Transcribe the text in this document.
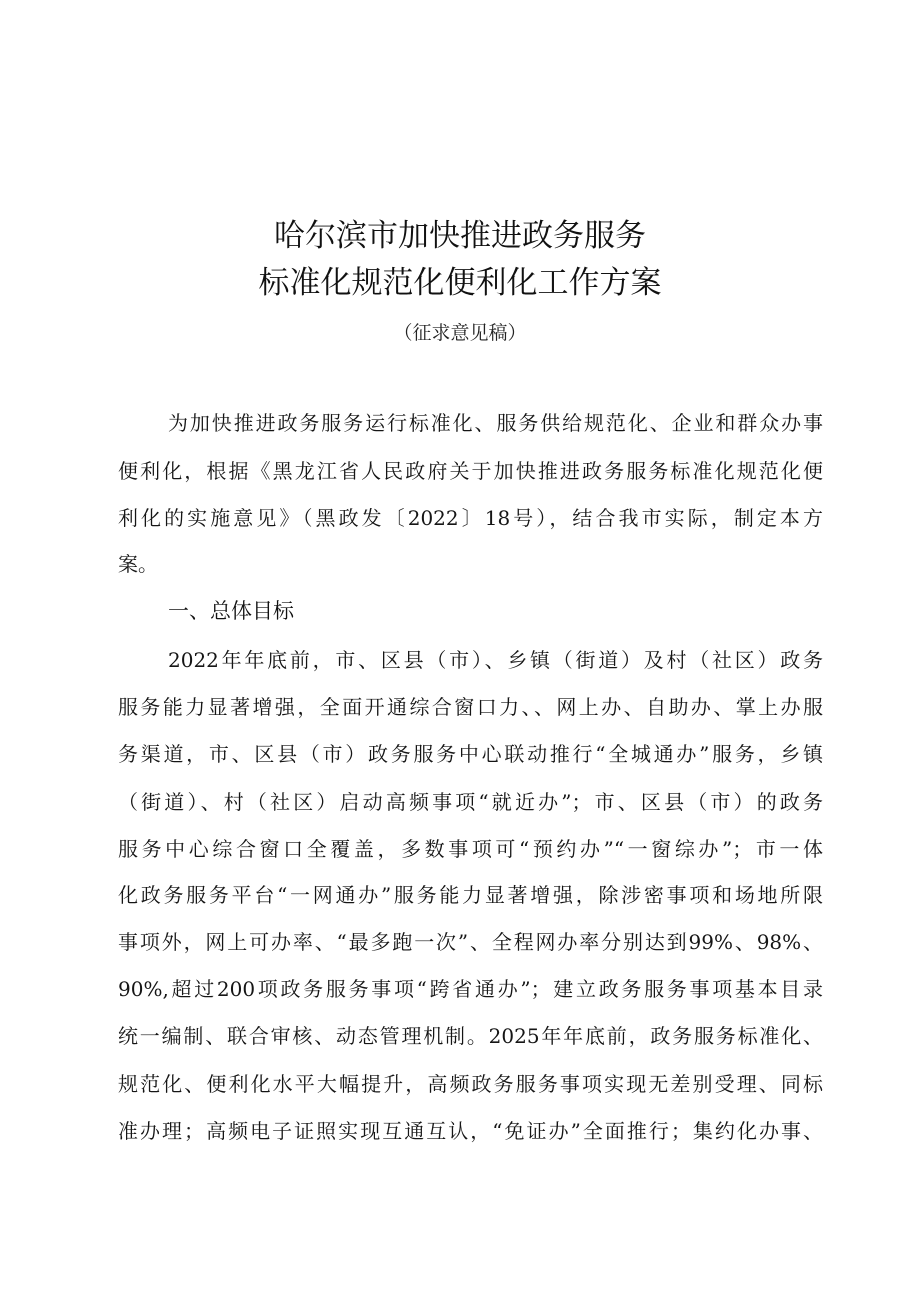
哈尔滨市加快推进政务服务
标准化规范化便利化工作方案
（征求意见稿）
为加快推进政务服务运行标准化、服务供给规范化、企业和群众办事
便利化，根据《黑龙江省人民政府关于加快推进政务服务标准化规范化便
利化的实施意见》（黑政发〔2022〕18号），结合我市实际，制定本方
案。
一、总体目标
2022年年底前，市、区县（市）、乡镇（街道）及村（社区）政务
服务能力显著增强，全面开通综合窗口力、、网上办、自助办、掌上办服
务渠道，市、区县（市）政务服务中心联动推行“全城通办”服务，乡镇
（街道）、村（社区）启动高频事项“就近办”；市、区县（市）的政务
服务中心综合窗口全覆盖，多数事项可“预约办”“一窗综办”；市一体
化政务服务平台“一网通办”服务能力显著增强，除涉密事项和场地所限
事项外，网上可办率、“最多跑一次”、全程网办率分别达到99%、98%、
90%,超过200项政务服务事项“跨省通办”；建立政务服务事项基本目录
统一编制、联合审核、动态管理机制。2025年年底前，政务服务标准化、
规范化、便利化水平大幅提升，高频政务服务事项实现无差别受理、同标
准办理；高频电子证照实现互通互认，“免证办”全面推行；集约化办事、
